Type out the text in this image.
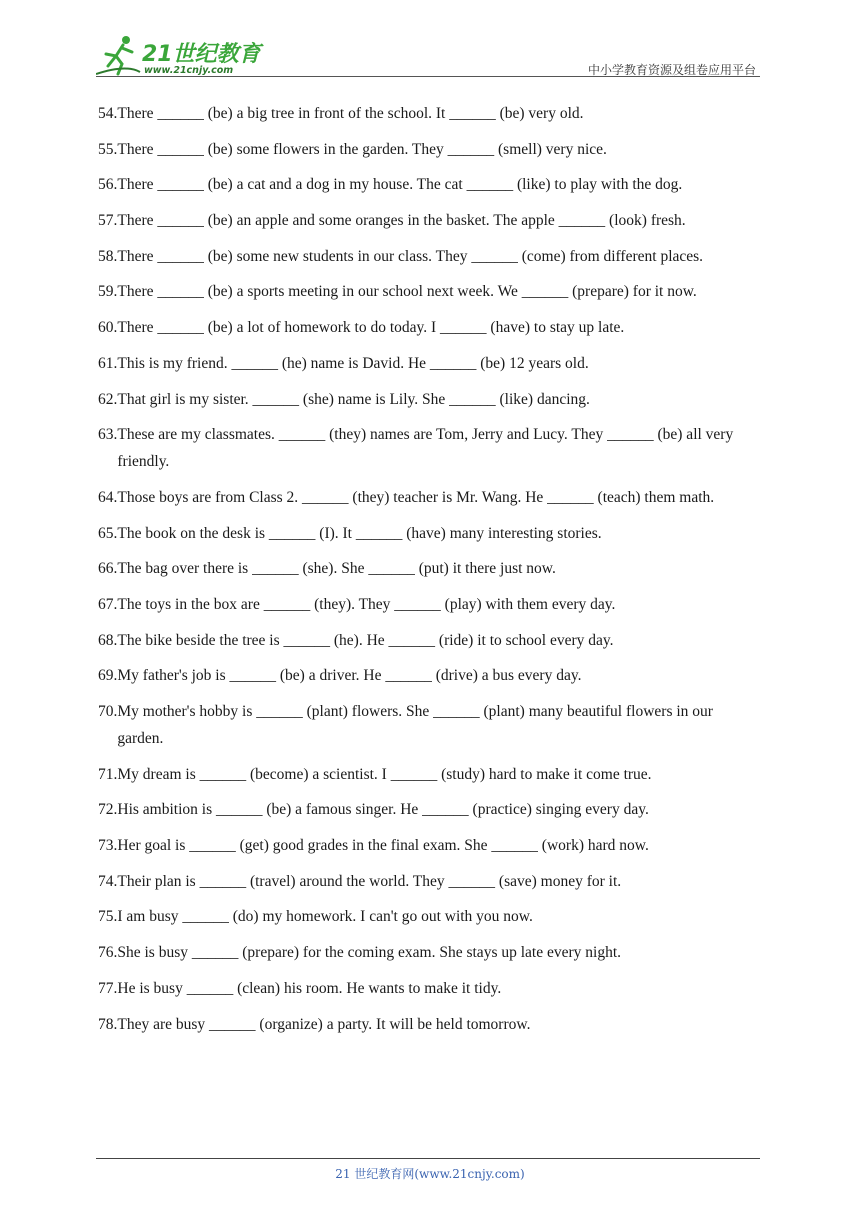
21世纪教育
www.21cnjy.com	中小学教育资源及组卷应用平台
54. There ______ (be) a big tree in front of the school. It ______ (be) very old.
55. There ______ (be) some flowers in the garden. They ______ (smell) very nice.
56. There ______ (be) a cat and a dog in my house. The cat ______ (like) to play with the dog.
57. There ______ (be) an apple and some oranges in the basket. The apple ______ (look) fresh.
58. There ______ (be) some new students in our class. They ______ (come) from different places.
59. There ______ (be) a sports meeting in our school next week. We ______ (prepare) for it now.
60. There ______ (be) a lot of homework to do today. I ______ (have) to stay up late.
61. This is my friend. ______ (he) name is David. He ______ (be) 12 years old.
62. That girl is my sister. ______ (she) name is Lily. She ______ (like) dancing.
63. These are my classmates. ______ (they) names are Tom, Jerry and Lucy. They ______ (be) all very friendly.
64. Those boys are from Class 2. ______ (they) teacher is Mr. Wang. He ______ (teach) them math.
65. The book on the desk is ______ (I). It ______ (have) many interesting stories.
66. The bag over there is ______ (she). She ______ (put) it there just now.
67. The toys in the box are ______ (they). They ______ (play) with them every day.
68. The bike beside the tree is ______ (he). He ______ (ride) it to school every day.
69. My father's job is ______ (be) a driver. He ______ (drive) a bus every day.
70. My mother's hobby is ______ (plant) flowers. She ______ (plant) many beautiful flowers in our garden.
71. My dream is ______ (become) a scientist. I ______ (study) hard to make it come true.
72. His ambition is ______ (be) a famous singer. He ______ (practice) singing every day.
73. Her goal is ______ (get) good grades in the final exam. She ______ (work) hard now.
74. Their plan is ______ (travel) around the world. They ______ (save) money for it.
75. I am busy ______ (do) my homework. I can't go out with you now.
76. She is busy ______ (prepare) for the coming exam. She stays up late every night.
77. He is busy ______ (clean) his room. He wants to make it tidy.
78. They are busy ______ (organize) a party. It will be held tomorrow.
21 世纪教育网(www.21cnjy.com)
